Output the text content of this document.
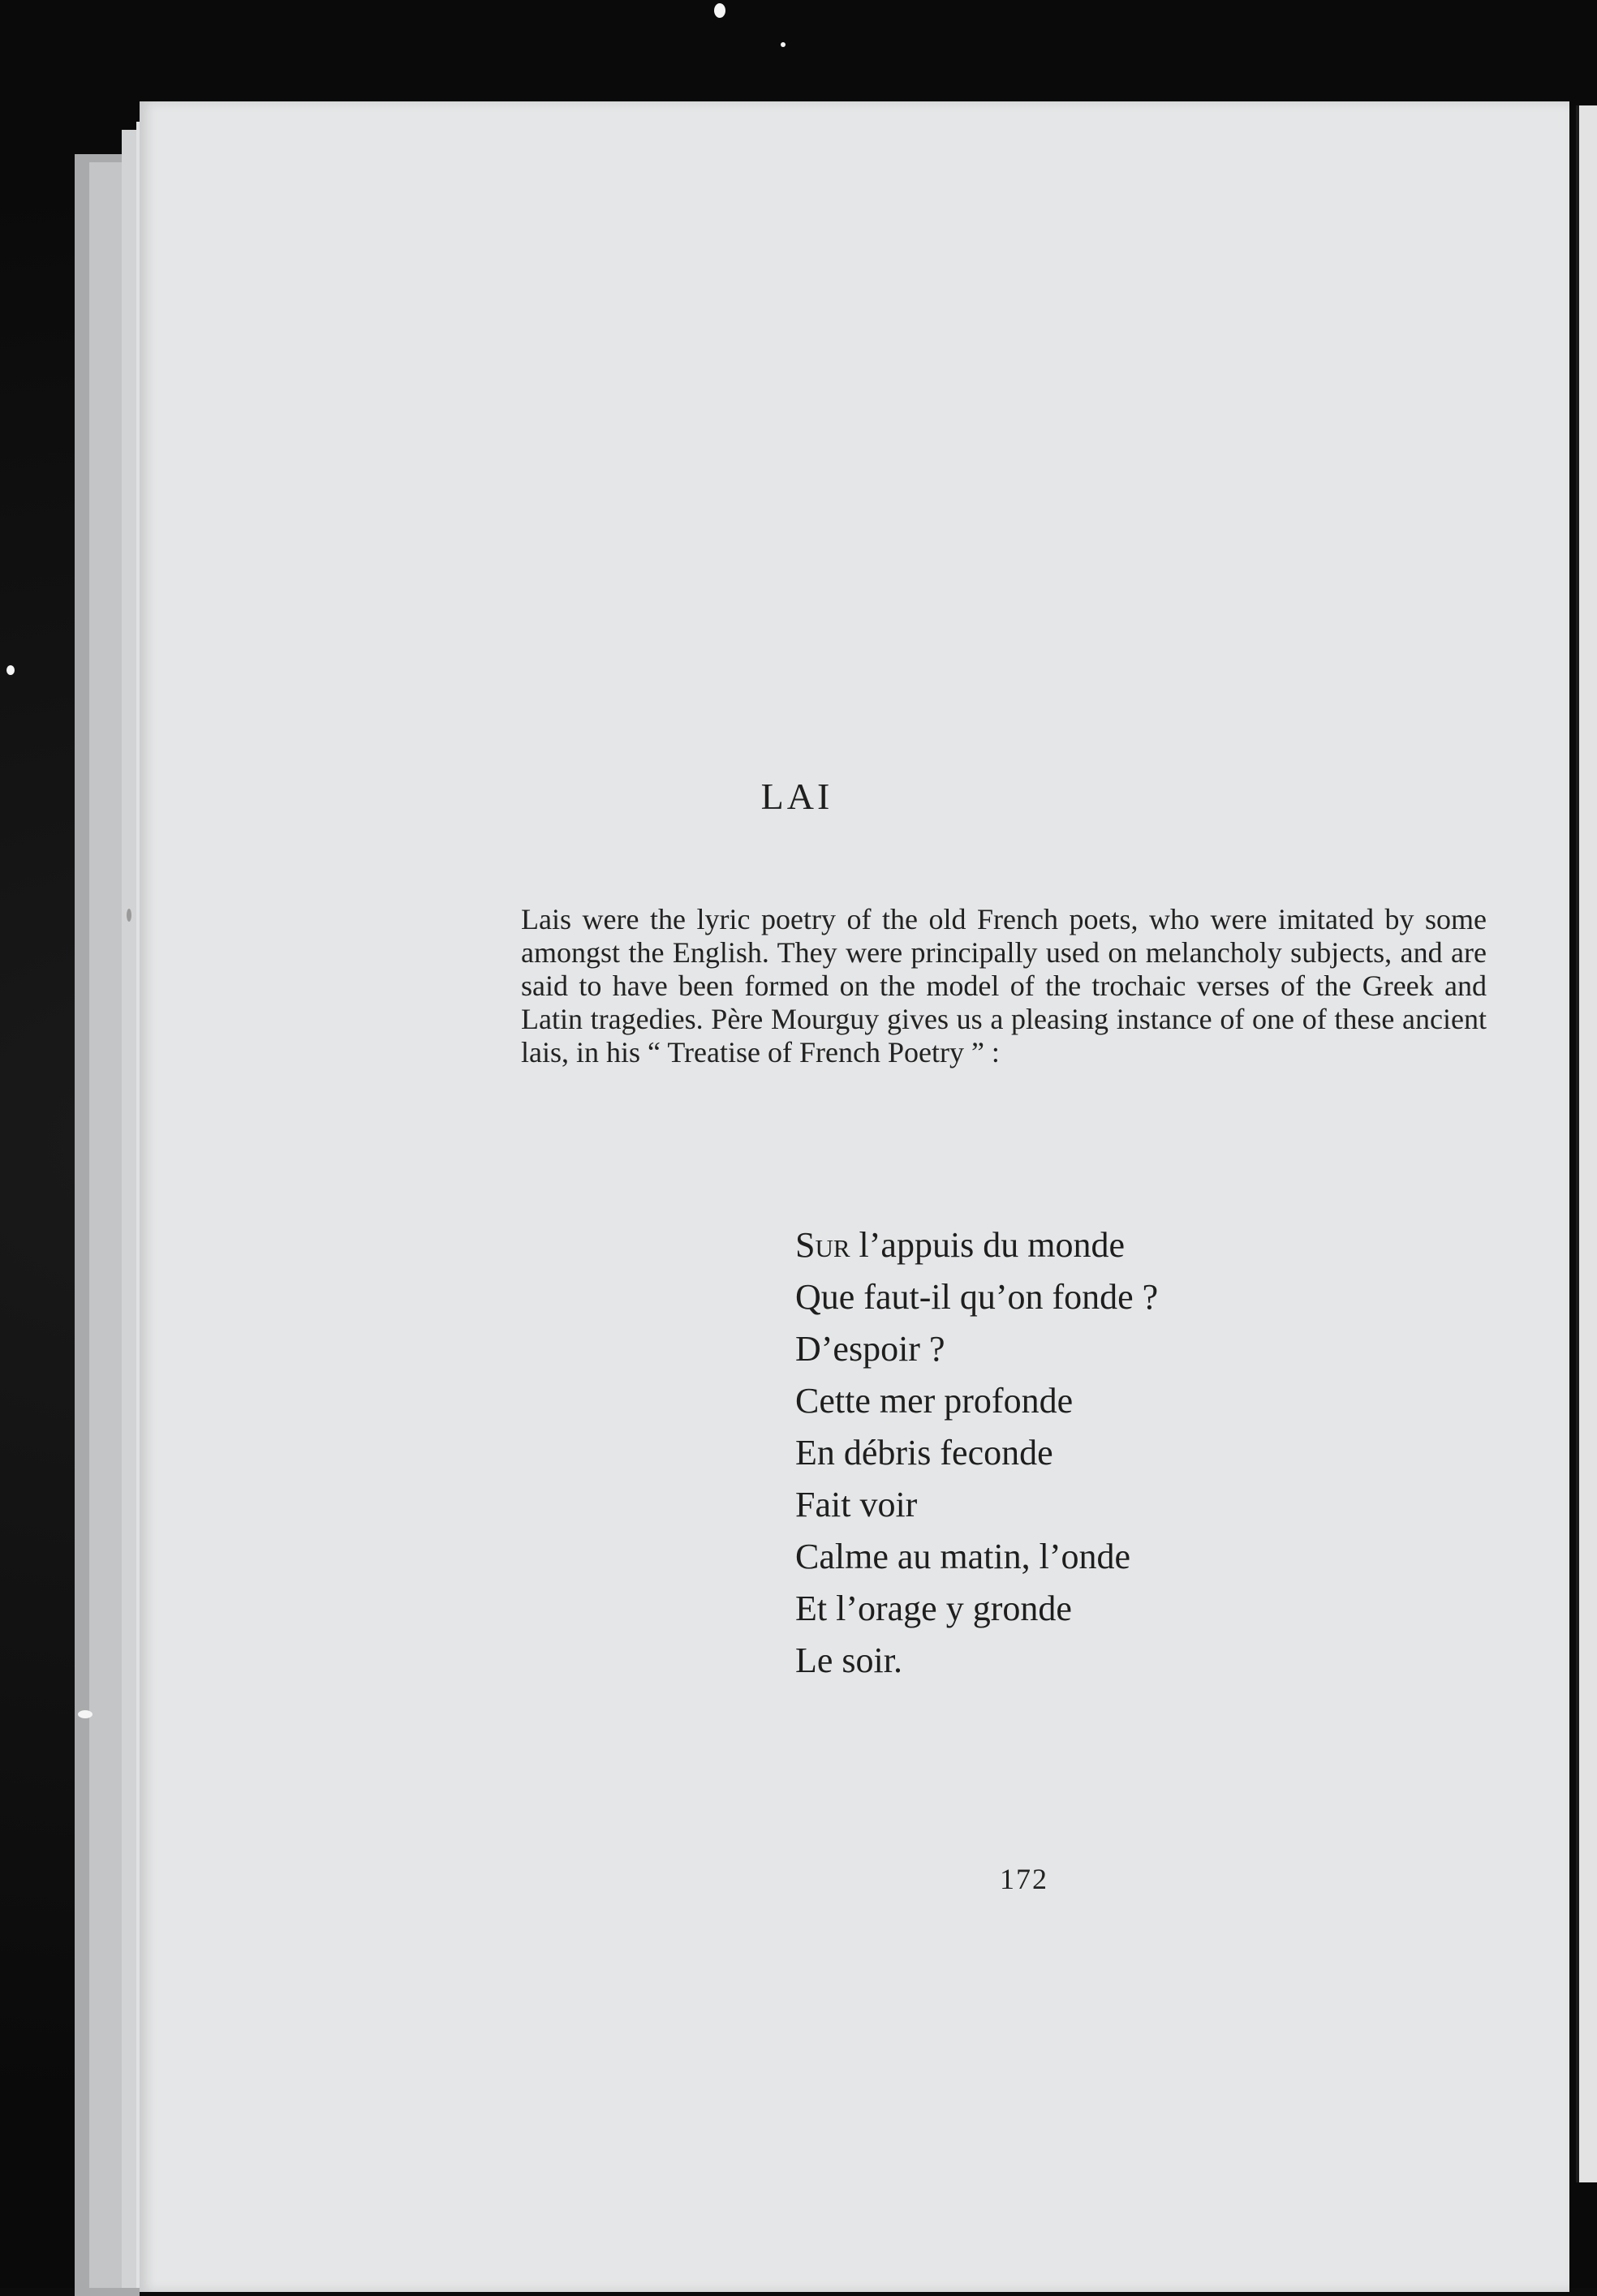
LAI

Lais were the lyric poetry of the old French poets, who were imitated by some amongst the English. They were principally used on melancholy subjects, and are said to have been formed on the model of the trochaic verses of the Greek and Latin tragedies. Père Mourguy gives us a pleasing instance of one of these ancient lais, in his “ Treatise of French Poetry ” :

Sur l’appuis du monde
Que faut-il qu’on fonde ?
D’espoir ?
Cette mer profonde
En débris feconde
Fait voir
Calme au matin, l’onde
Et l’orage y gronde
Le soir.
172
